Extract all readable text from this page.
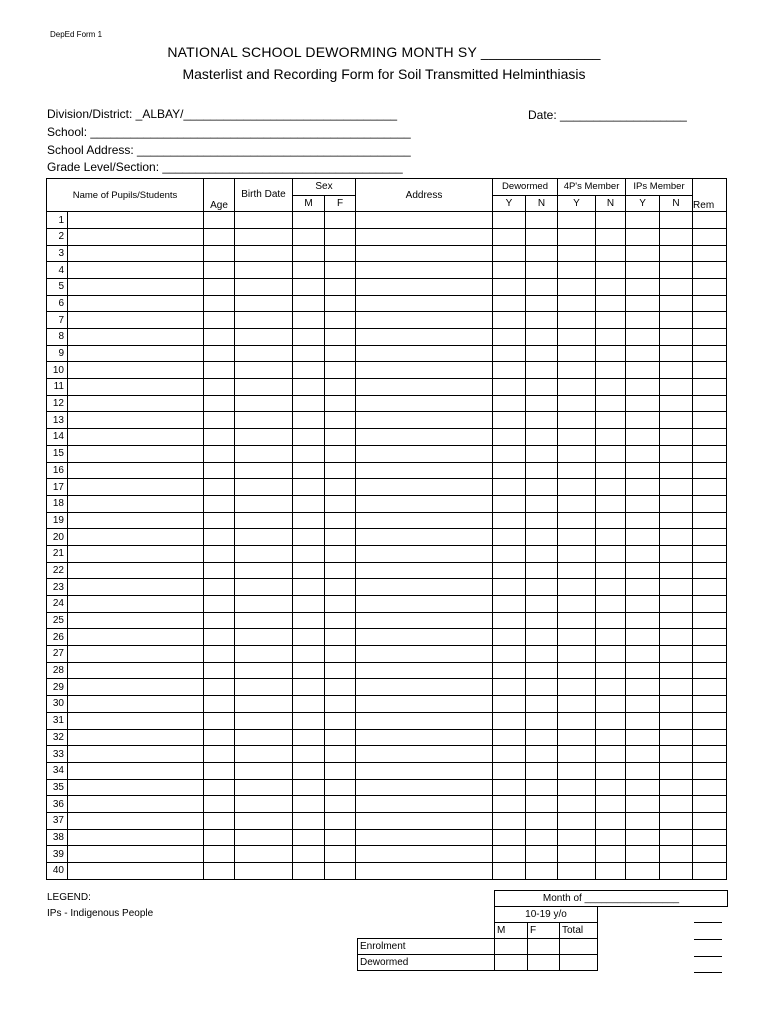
DepEd Form 1
NATIONAL SCHOOL DEWORMING MONTH SY _______________
Masterlist and Recording Form for Soil Transmitted Helminthiasis
Division/District: _ALBAY/________________________________
School: ________________________________________________
School Address: _________________________________________
Grade Level/Section: ____________________________________
Date: ___________________
Name of Pupils/Students		Age	Birth Date	Sex		Address	Dewormed		4P's Member		IPs Member		Rem
				M	F		Y	N	Y	N	Y	N	
1													
2													
3													
4													
5													
6													
7													
8													
9													
10													
11													
12													
13													
14													
15													
16													
17													
18													
19													
20													
21													
22													
23													
24													
25													
26													
27													
28													
29													
30													
31													
32													
33													
34													
35													
36													
37													
38													
39													
40													
LEGEND:
IPs - Indigenous People
	Month of _________________			
	10-19 y/o			
	M	F	Total	
Enrolment				
Dewormed				
